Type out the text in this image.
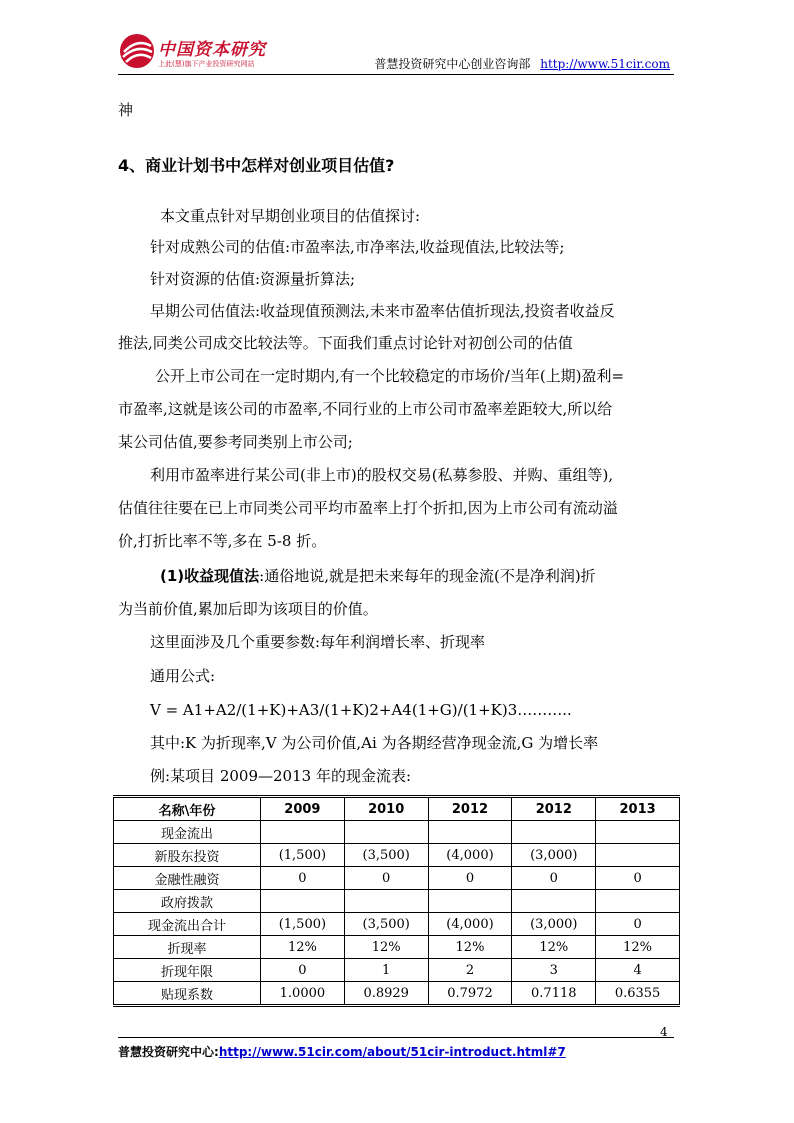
中国资本研究
上此(慧)旗下产业投资研究网站	普慧投资研究中心创业咨询部 http://www.51cir.com
神
4、商业计划书中怎样对创业项目估值?
本文重点针对早期创业项目的估值探讨:
针对成熟公司的估值:市盈率法,市净率法,收益现值法,比较法等;
针对资源的估值:资源量折算法;
早期公司估值法:收益现值预测法,未来市盈率估值折现法,投资者收益反
推法,同类公司成交比较法等。下面我们重点讨论针对初创公司的估值
公开上市公司在一定时期内,有一个比较稳定的市场价/当年(上期)盈利=
市盈率,这就是该公司的市盈率,不同行业的上市公司市盈率差距较大,所以给
某公司估值,要参考同类别上市公司;
利用市盈率进行某公司(非上市)的股权交易(私募参股、并购、重组等),
估值往往要在已上市同类公司平均市盈率上打个折扣,因为上市公司有流动溢
价,打折比率不等,多在 5-8 折。
(1)收益现值法:通俗地说,就是把未来每年的现金流(不是净利润)折
为当前价值,累加后即为该项目的价值。
这里面涉及几个重要参数:每年利润增长率、折现率
通用公式:
V = A1+A2/(1+K)+A3/(1+K)2+A4(1+G)/(1+K)3………..
其中:K 为折现率,V 为公司价值,Ai 为各期经营净现金流,G 为增长率
例:某项目 2009—2013 年的现金流表:
名称\年份	2009	2010	2012	2012	2013
现金流出					
新股东投资	(1,500)	(3,500)	(4,000)	(3,000)	
金融性融资	0	0	0	0	0
政府拨款					
现金流出合计	(1,500)	(3,500)	(4,000)	(3,000)	0
折现率	12%	12%	12%	12%	12%
折现年限	0	1	2	3	4
贴现系数	1.0000	0.8929	0.7972	0.7118	0.6355
4
普慧投资研究中心:http://www.51cir.com/about/51cir-introduct.html#7
